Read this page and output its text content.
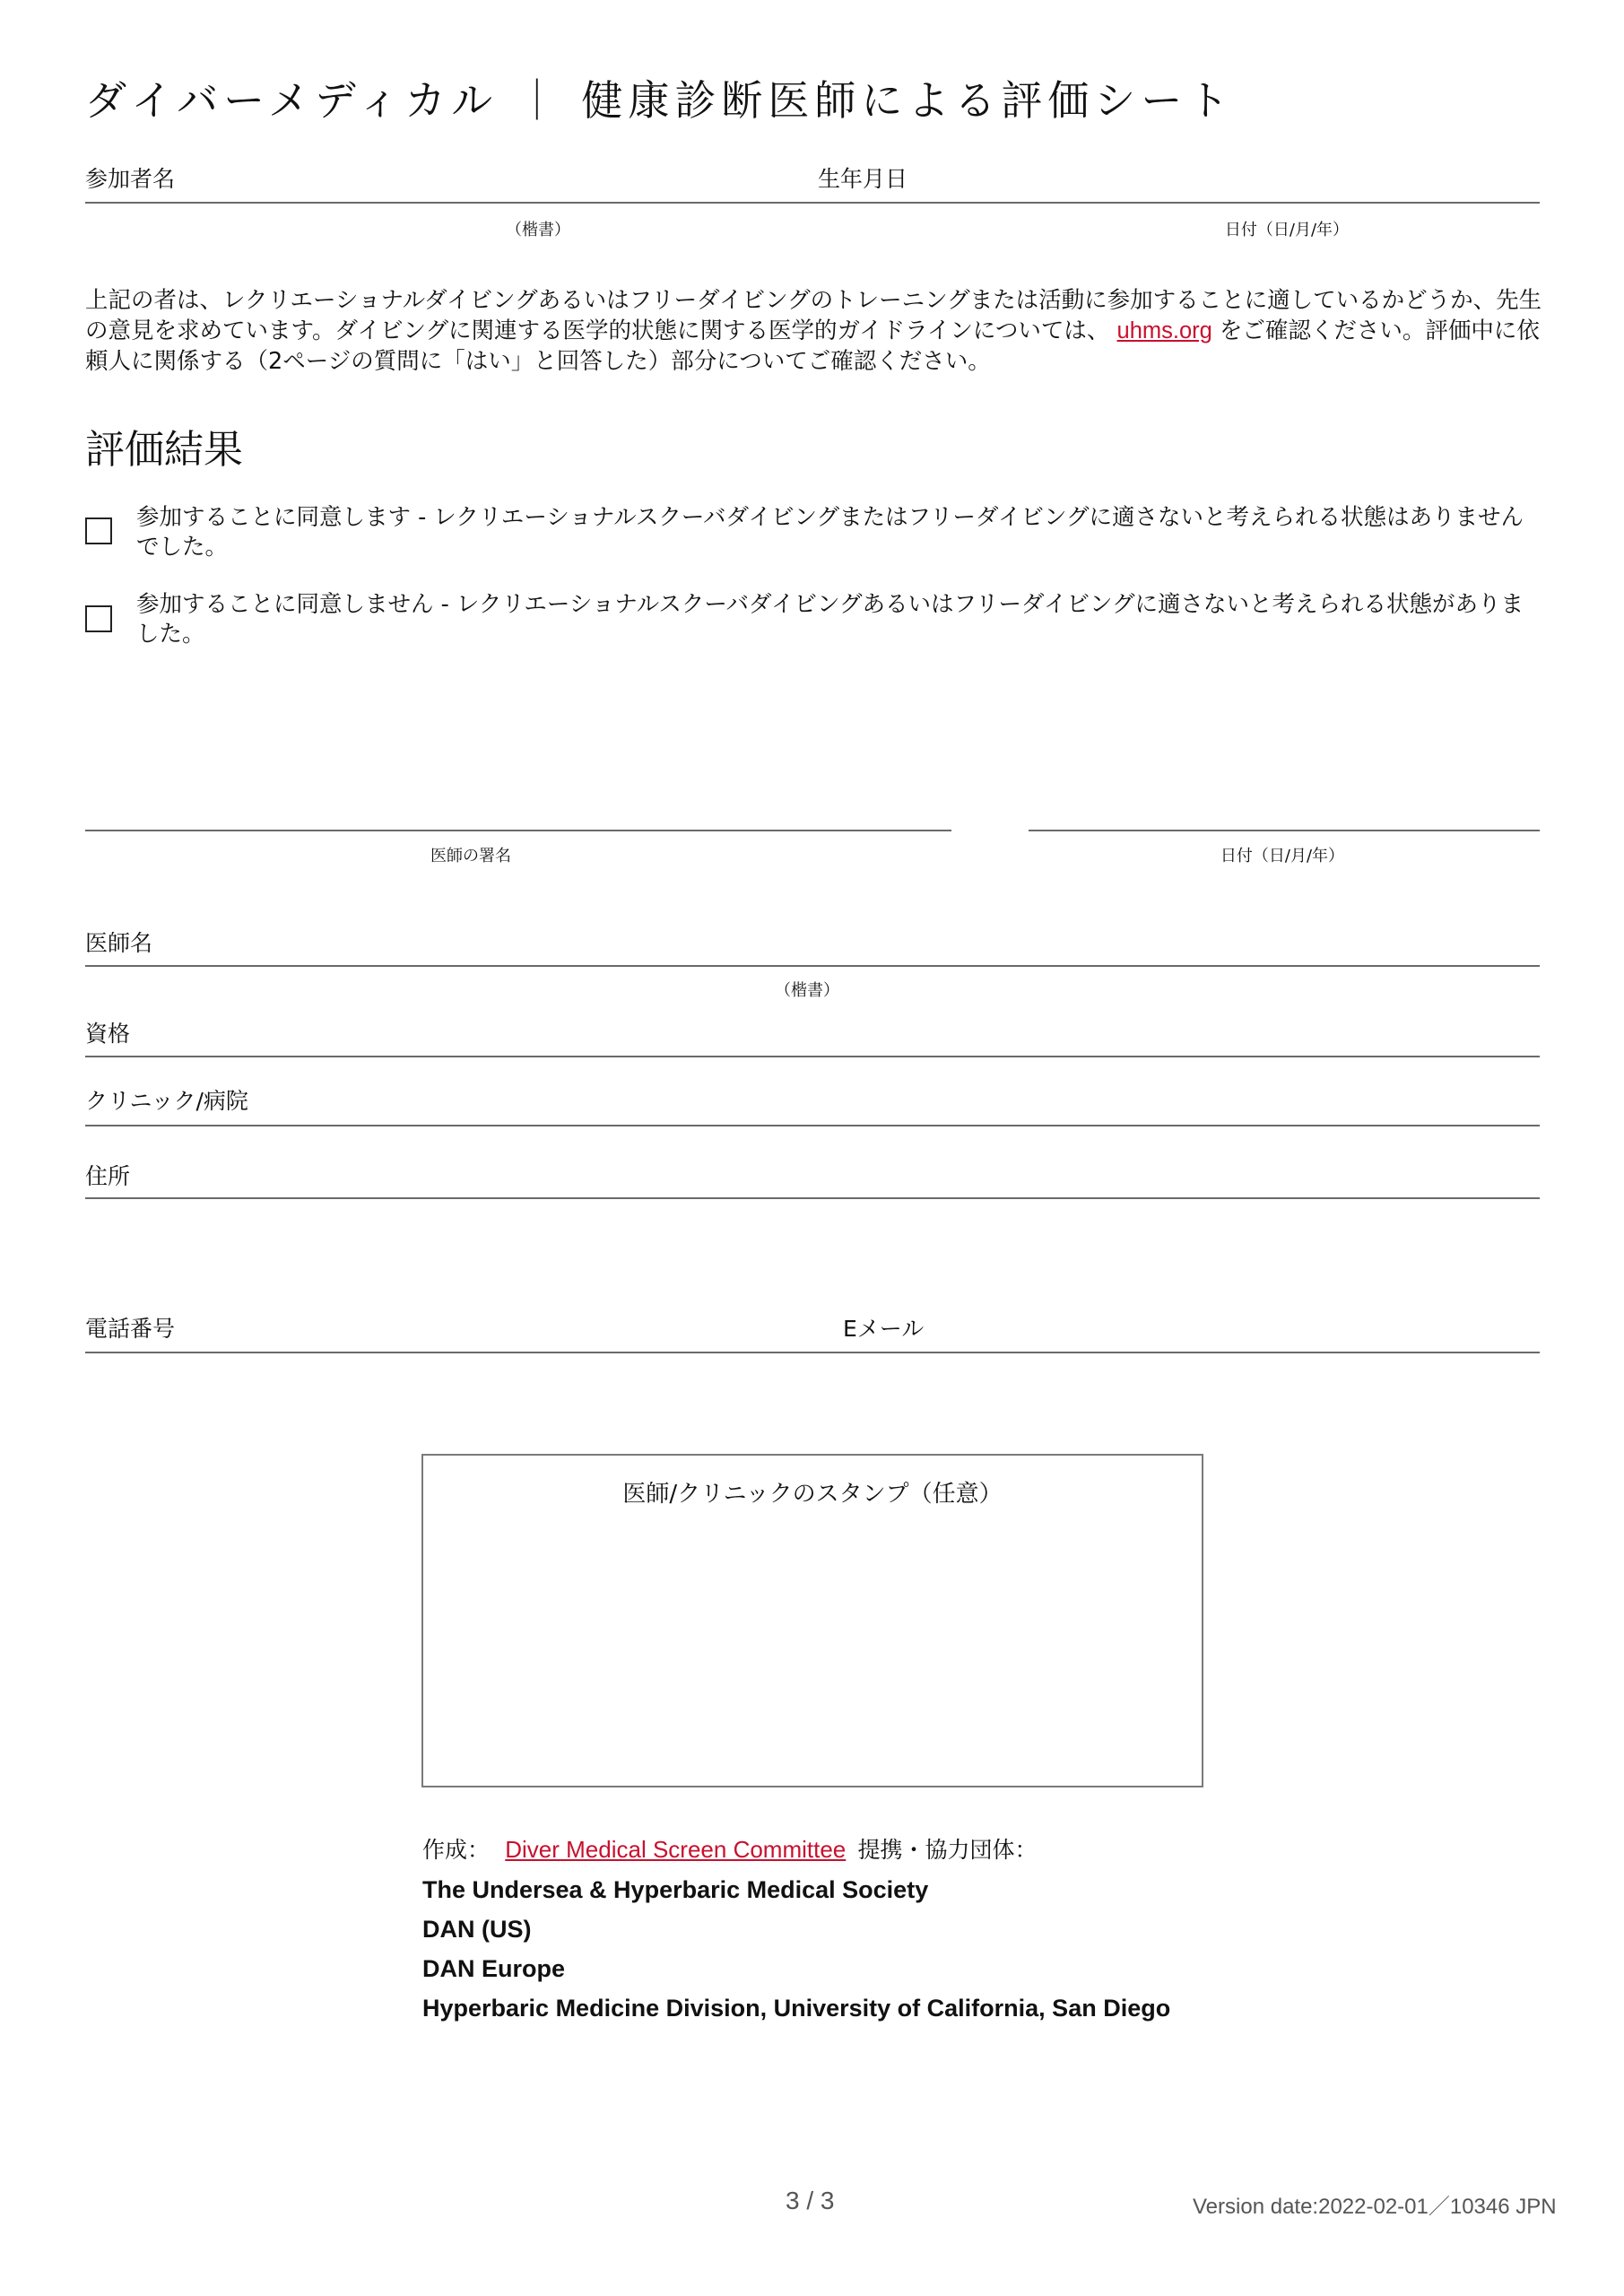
ダイバーメディカル ｜ 健康診断医師による評価シート
参加者名	生年月日
（楷書）	日付（日/月/年）

上記の者は、レクリエーショナルダイビングあるいはフリーダイビングのトレーニングまたは活動に参加することに適しているかどうか、先生の意見を求めています。ダイビングに関連する医学的状態に関する医学的ガイドラインについては、 uhms.org をご確認ください。評価中に依頼人に関係する（2ページの質問に「はい」と回答した）部分についてご確認ください。

評価結果
参加することに同意します - レクリエーショナルスクーバダイビングまたはフリーダイビングに適さないと考えられる状態はありませんでした。
参加することに同意しません - レクリエーショナルスクーバダイビングあるいはフリーダイビングに適さないと考えられる状態がありました。
医師の署名	日付（日/月/年）
医師名
（楷書）
資格
クリニック/病院
住所
電話番号	Eメール
医師/クリニックのスタンプ（任意）
作成： Diver Medical Screen Committee 提携・協力団体：
The Undersea & Hyperbaric Medical Society
DAN (US)
DAN Europe
Hyperbaric Medicine Division, University of California, San Diego
3 / 3	Version date:2022-02-01／10346 JPN
